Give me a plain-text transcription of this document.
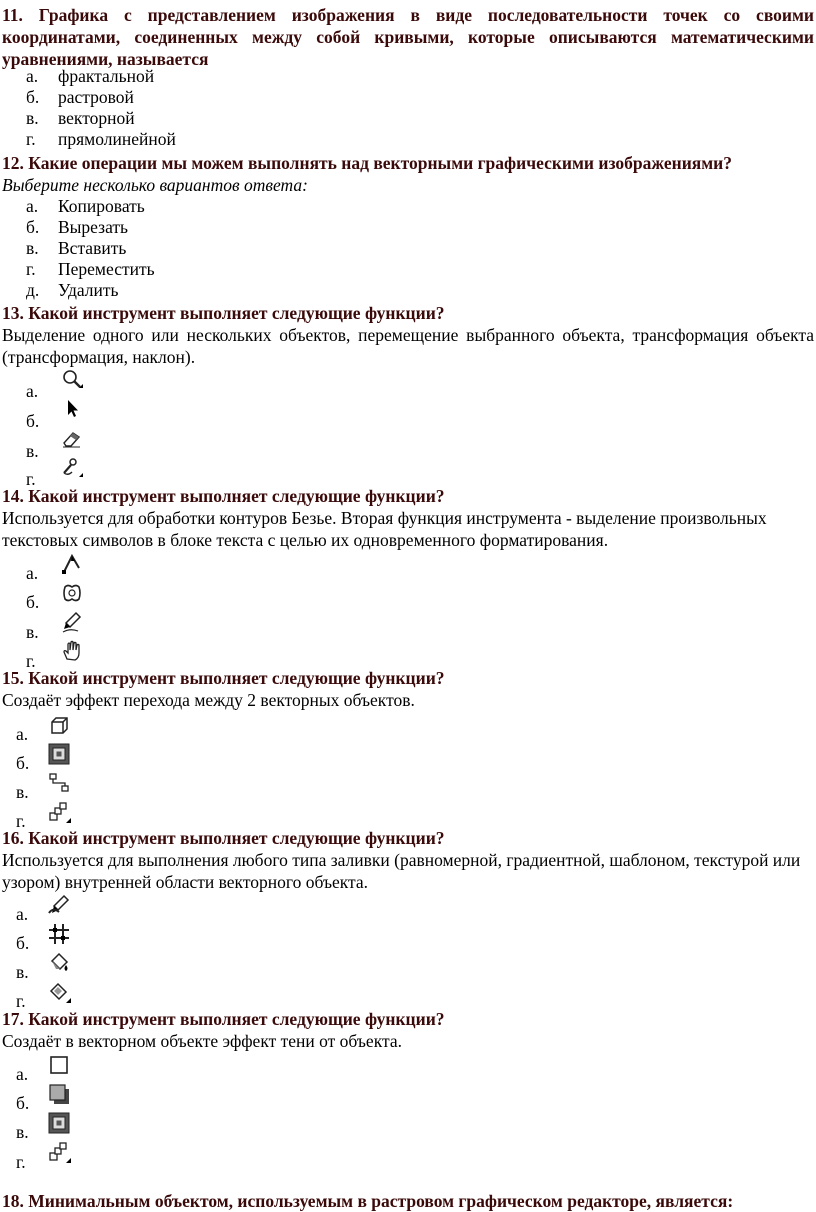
11. Графика с представлением изображения в виде последовательности точек со своими координатами, соединенных между собой кривыми, которые описываются математическими уравнениями, называется
a. фрактальной
б. растровой
в. векторной
г. прямолинейной
12. Какие операции мы можем выполнять над векторными графическими изображениями?
Выберите несколько вариантов ответа:
a. Копировать
б. Вырезать
в. Вставить
г. Переместить
д. Удалить
13. Какой инструмент выполняет следующие функции?
Выделение одного или нескольких объектов, перемещение выбранного объекта, трансформация объекта (трансформация, наклон).
а.
б.
в.
г.
14. Какой инструмент выполняет следующие функции?
Используется для обработки контуров Безье. Вторая функция инструмента - выделение произвольных текстовых символов в блоке текста с целью их одновременного форматирования.
а.
б.
в.
г.
15. Какой инструмент выполняет следующие функции?
Создаёт эффект перехода между 2 векторных объектов.
а.
б.
в.
г.
16. Какой инструмент выполняет следующие функции?
Используется для выполнения любого типа заливки (равномерной, градиентной, шаблоном, текстурой или узором) внутренней области векторного объекта.
а.
б.
в.
г.
17. Какой инструмент выполняет следующие функции?
Создаёт в векторном объекте эффект тени от объекта.
а.
б.
в.
г.
18. Минимальным объектом, используемым в растровом графическом редакторе, является:
